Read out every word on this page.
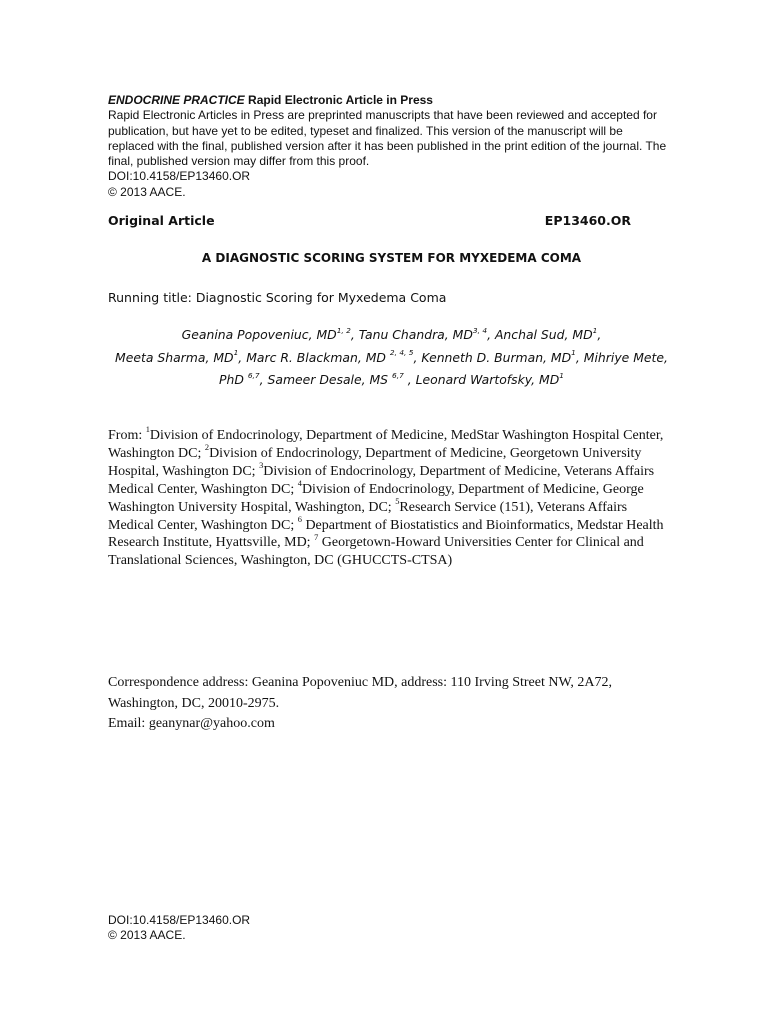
ENDOCRINE PRACTICE Rapid Electronic Article in Press

Rapid Electronic Articles in Press are preprinted manuscripts that have been reviewed and accepted for publication, but have yet to be edited, typeset and finalized. This version of the manuscript will be replaced with the final, published version after it has been published in the print edition of the journal. The final, published version may differ from this proof.

DOI:10.4158/EP13460.OR

© 2013 AACE.

Original Article	EP13460.OR
A DIAGNOSTIC SCORING SYSTEM FOR MYXEDEMA COMA
Running title: Diagnostic Scoring for Myxedema Coma
Geanina Popoveniuc, MD$^{1, 2}$, Tanu Chandra, MD$^{3, 4}$, Anchal Sud, $MD^1$,
Meeta Sharma, $MD^1$, Marc R. Blackman, MD $^{2, 4, 5}$, Kenneth D. Burman, $MD^1$, Mihriye Mete, PhD $^{6,7}$, Sameer Desale, MS $^{6,7}$ , Leonard Wartofsky, $MD^1$
From: $^1$Division of Endocrinology, Department of Medicine, MedStar Washington Hospital Center, Washington DC; $^2$Division of Endocrinology, Department of Medicine, Georgetown University Hospital, Washington DC; $^3$Division of Endocrinology, Department of Medicine, Veterans Affairs Medical Center, Washington DC; $^4$Division of Endocrinology, Department of Medicine, George Washington University Hospital, Washington, DC; $^5$Research Service (151), Veterans Affairs Medical Center, Washington DC; $^6$ Department of Biostatistics and Bioinformatics, Medstar Health Research Institute, Hyattsville, MD; $^7$ Georgetown-Howard Universities Center for Clinical and Translational Sciences, Washington, DC (GHUCCTS-CTSA)

Correspondence address: Geanina Popoveniuc MD, address: 110 Irving Street NW, 2A72, Washington, DC, 20010-2975.

Email: geanynar@yahoo.com

DOI:10.4158/EP13460.OR

© 2013 AACE.
